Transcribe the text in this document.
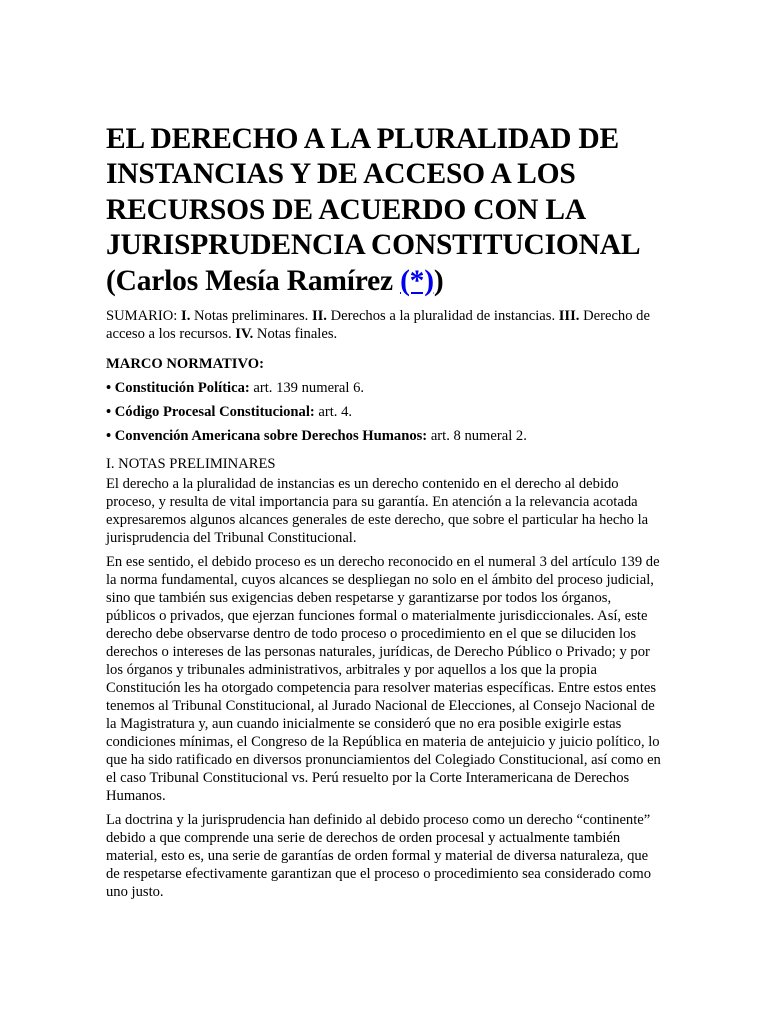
EL DERECHO A LA PLURALIDAD DE
INSTANCIAS Y DE ACCESO A LOS
RECURSOS DE ACUERDO CON LA
JURISPRUDENCIA CONSTITUCIONAL
(Carlos Mesía Ramírez (*))

SUMARIO: I. Notas preliminares. II. Derechos a la pluralidad de instancias. III. Derecho de acceso a los recursos. IV. Notas finales.

MARCO NORMATIVO:

• Constitución Política: art. 139 numeral 6.

• Código Procesal Constitucional: art. 4.

• Convención Americana sobre Derechos Humanos: art. 8 numeral 2.

I. NOTAS PRELIMINARES

El derecho a la pluralidad de instancias es un derecho contenido en el derecho al debido proceso, y resulta de vital importancia para su garantía. En atención a la relevancia acotada expresaremos algunos alcances generales de este derecho, que sobre el particular ha hecho la jurisprudencia del Tribunal Constitucional.

En ese sentido, el debido proceso es un derecho reconocido en el numeral 3 del artículo 139 de la norma fundamental, cuyos alcances se despliegan no solo en el ámbito del proceso judicial, sino que también sus exigencias deben respetarse y garantizarse por todos los órganos, públicos o privados, que ejerzan funciones formal o materialmente jurisdiccionales. Así, este derecho debe observarse dentro de todo proceso o procedimiento en el que se diluciden los derechos o intereses de las personas naturales, jurídicas, de Derecho Público o Privado; y por los órganos y tribunales administrativos, arbitrales y por aquellos a los que la propia Constitución les ha otorgado competencia para resolver materias específicas. Entre estos entes tenemos al Tribunal Constitucional, al Jurado Nacional de Elecciones, al Consejo Nacional de la Magistratura y, aun cuando inicialmente se consideró que no era posible exigirle estas condiciones mínimas, el Congreso de la República en materia de antejuicio y juicio político, lo que ha sido ratificado en diversos pronunciamientos del Colegiado Constitucional, así como en el caso Tribunal Constitucional vs. Perú resuelto por la Corte Interamericana de Derechos Humanos.

La doctrina y la jurisprudencia han definido al debido proceso como un derecho “continente” debido a que comprende una serie de derechos de orden procesal y actualmente también material, esto es, una serie de garantías de orden formal y material de diversa naturaleza, que de respetarse efectivamente garantizan que el proceso o procedimiento sea considerado como uno justo.
